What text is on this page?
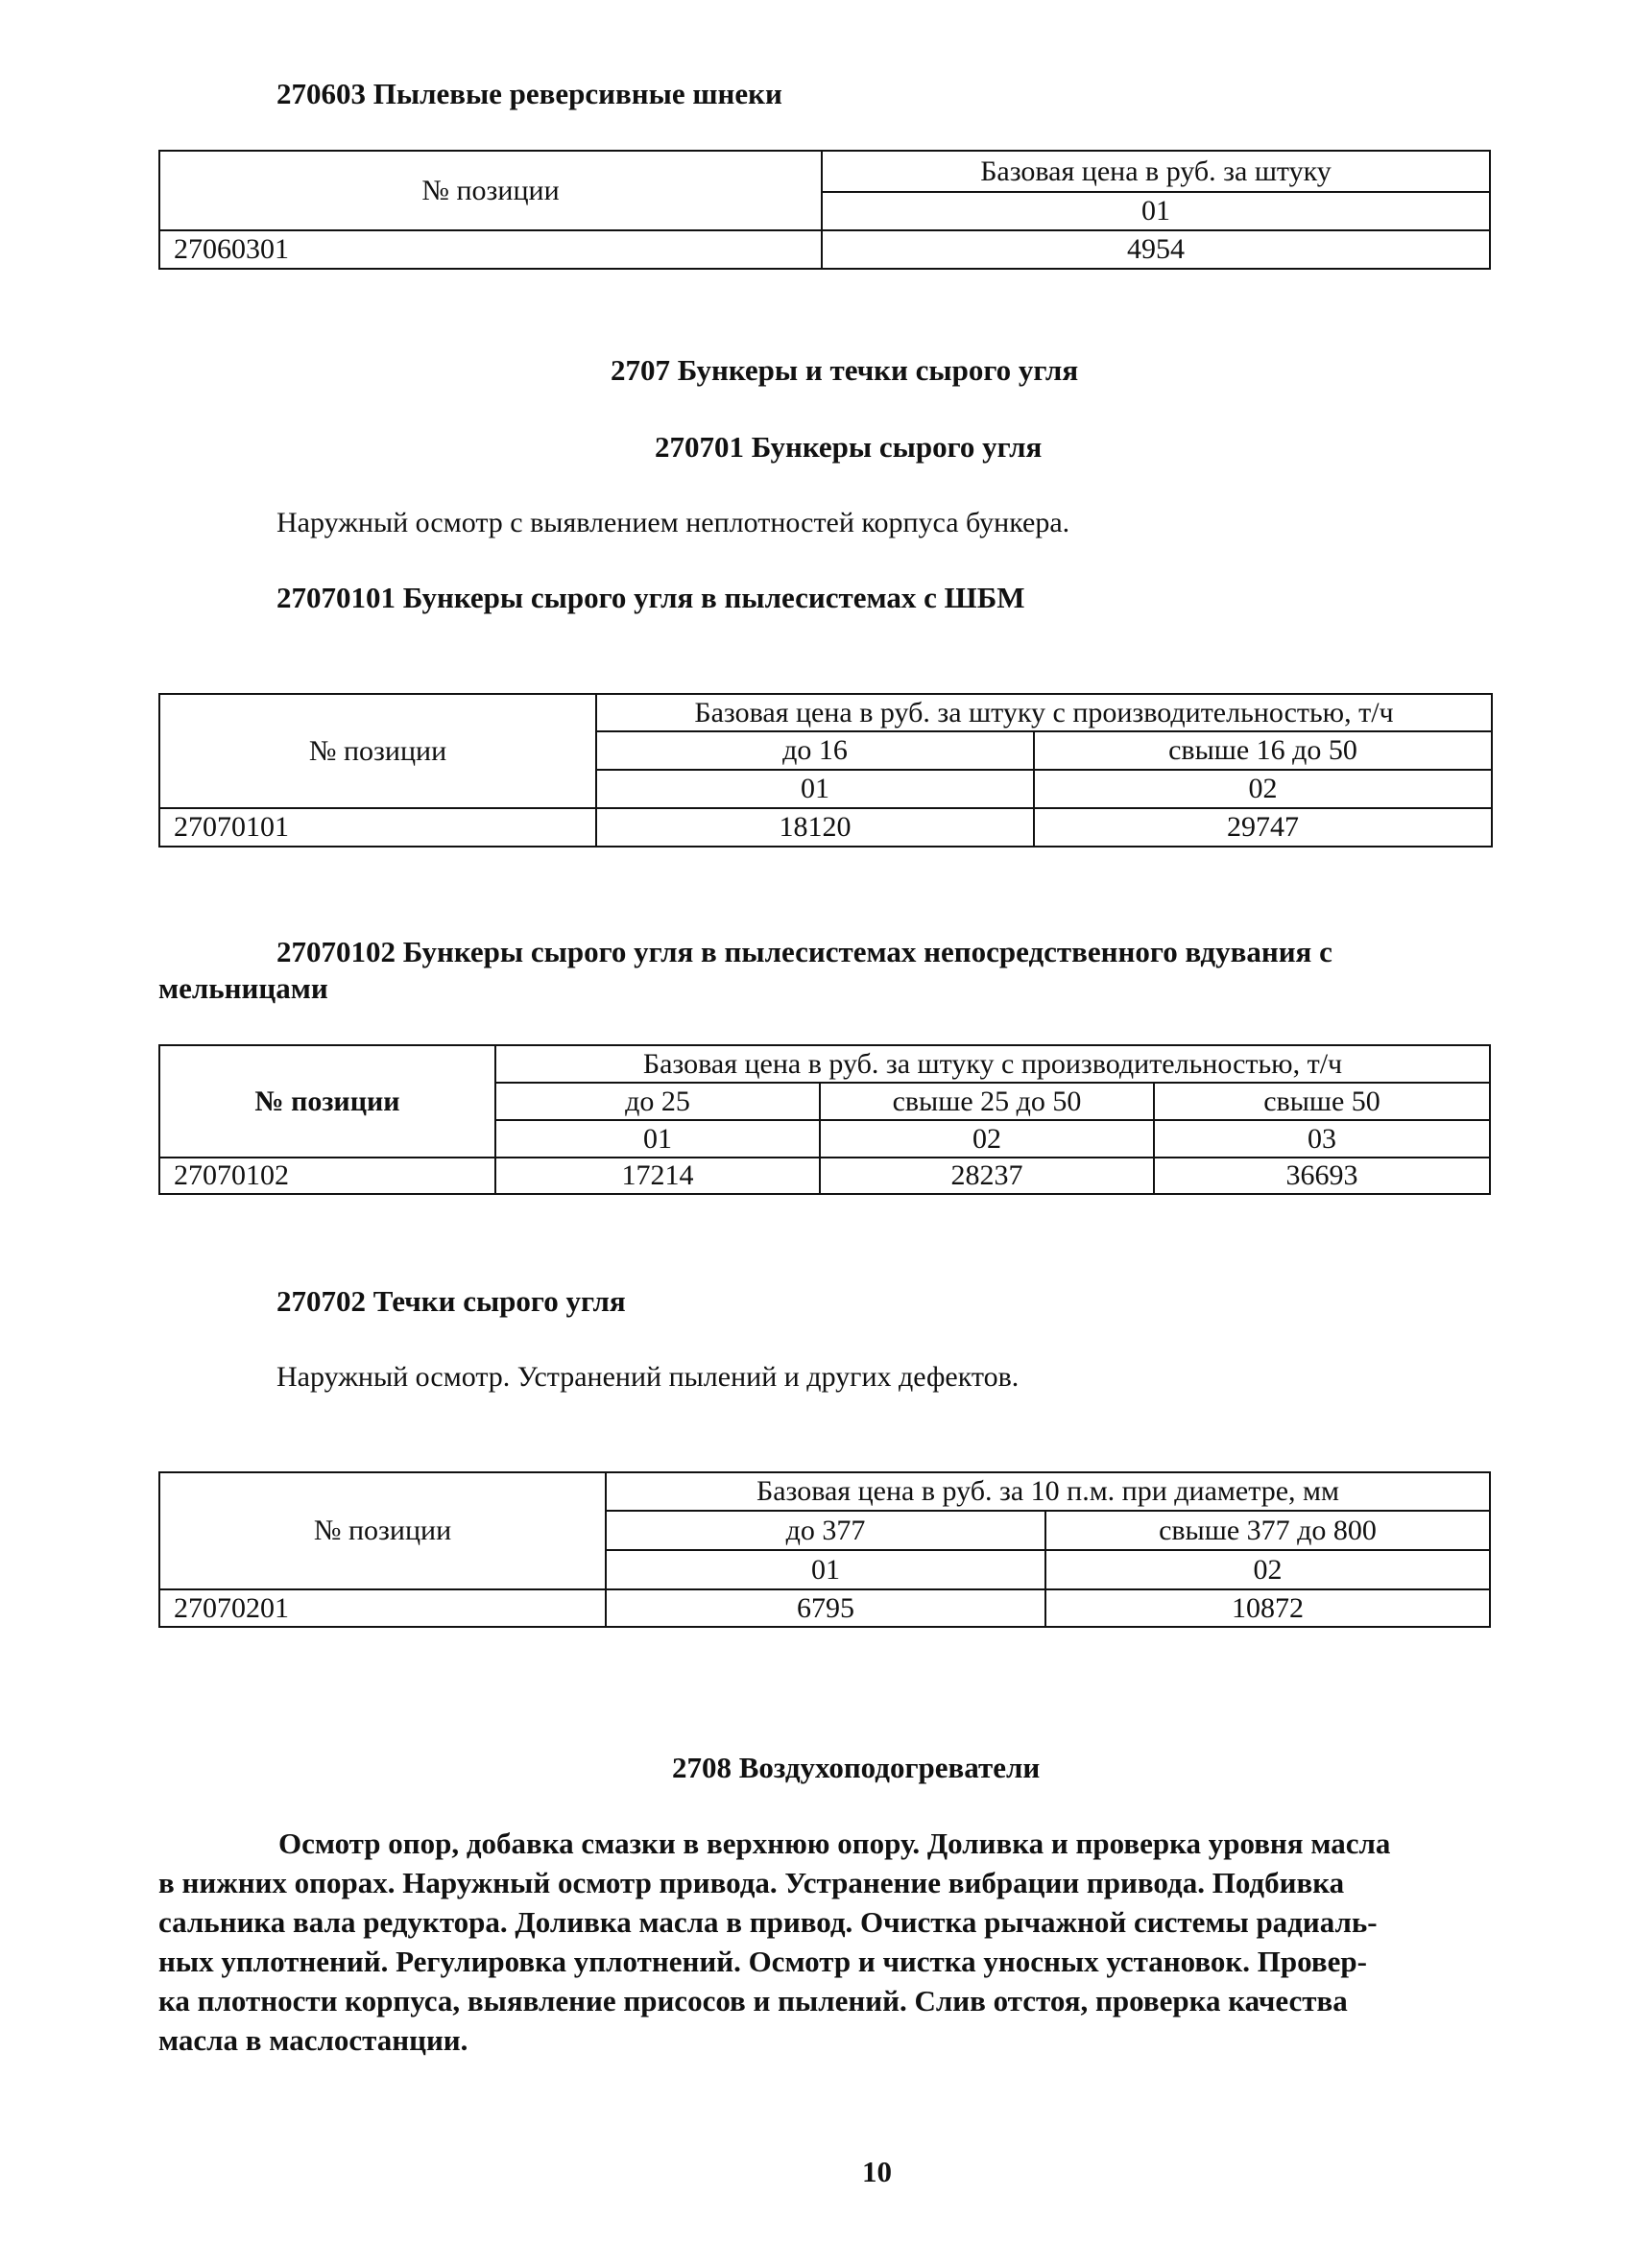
270603 Пылевые реверсивные шнеки
№ позиции	Базовая цена в руб. за штуку
	01
27060301	4954
2707 Бункеры и течки сырого угля
270701 Бункеры сырого угля
Наружный осмотр с выявлением неплотностей корпуса бункера.
27070101 Бункеры сырого угля в пылесистемах с ШБМ
№ позиции	Базовая цена в руб. за штуку с производительностью, т/ч	
	до 16	свыше 16 до 50
	01	02
27070101	18120	29747
27070102 Бункеры сырого угля в пылесистемах непосредственного вдувания с
мельницами
№ позиции	Базовая цена в руб. за штуку с производительностью, т/ч		
	до 25	свыше 25 до 50	свыше 50
	01	02	03
27070102	17214	28237	36693
270702 Течки сырого угля
Наружный осмотр. Устранений пылений и других дефектов.
№ позиции	Базовая цена в руб. за 10 п.м. при диаметре, мм	
	до 377	свыше 377 до 800
	01	02
27070201	6795	10872
2708 Воздухоподогреватели
Осмотр опор, добавка смазки в верхнюю опору. Доливка и проверка уровня масла
в нижних опорах. Наружный осмотр привода. Устранение вибрации привода. Подбивка
сальника вала редуктора. Доливка масла в привод. Очистка рычажной системы радиаль-
ных уплотнений. Регулировка уплотнений. Осмотр и чистка уносных установок. Провер-
ка плотности корпуса, выявление присосов и пылений. Слив отстоя, проверка качества
масла в маслостанции.
10
